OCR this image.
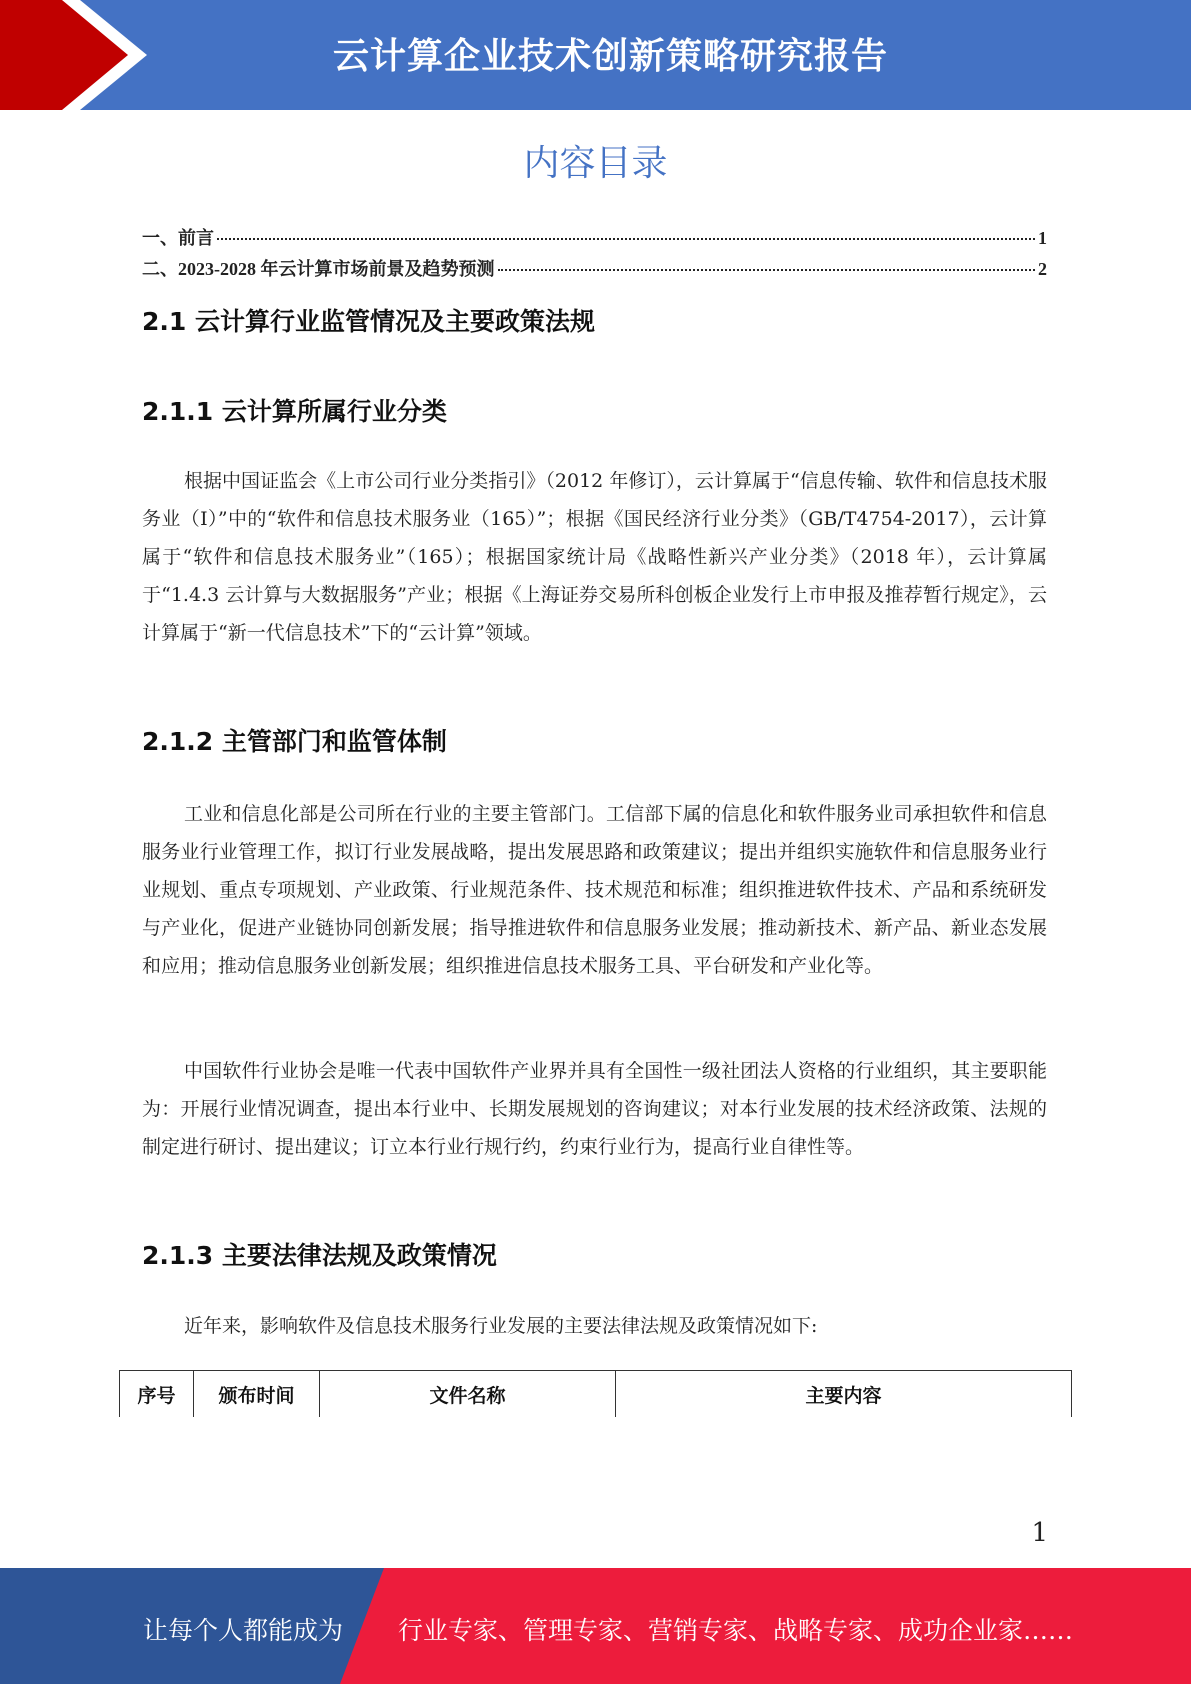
云计算企业技术创新策略研究报告
内容目录
一、前言	1
二、2023-2028 年云计算市场前景及趋势预测	2
2.1 云计算行业监管情况及主要政策法规
2.1.1 云计算所属行业分类

根据中国证监会《上市公司行业分类指引》（2012 年修订），云计算属于“信息传输、软件和信息技术服务业（I）”中的“软件和信息技术服务业（165）”；根据《国民经济行业分类》（GB/T4754-2017），云计算属于“软件和信息技术服务业”（165）；根据国家统计局《战略性新兴产业分类》（2018 年），云计算属于“1.4.3 云计算与大数据服务”产业；根据《上海证券交易所科创板企业发行上市申报及推荐暂行规定》，云计算属于“新一代信息技术”下的“云计算”领域。

2.1.2 主管部门和监管体制

工业和信息化部是公司所在行业的主要主管部门。工信部下属的信息化和软件服务业司承担软件和信息服务业行业管理工作，拟订行业发展战略，提出发展思路和政策建议；提出并组织实施软件和信息服务业行业规划、重点专项规划、产业政策、行业规范条件、技术规范和标准；组织推进软件技术、产品和系统研发与产业化，促进产业链协同创新发展；指导推进软件和信息服务业发展；推动新技术、新产品、新业态发展和应用；推动信息服务业创新发展；组织推进信息技术服务工具、平台研发和产业化等。

中国软件行业协会是唯一代表中国软件产业界并具有全国性一级社团法人资格的行业组织，其主要职能为：开展行业情况调查，提出本行业中、长期发展规划的咨询建议；对本行业发展的技术经济政策、法规的制定进行研讨、提出建议；订立本行业行规行约，约束行业行为，提高行业自律性等。

2.1.3 主要法律法规及政策情况

近年来，影响软件及信息技术服务行业发展的主要法律法规及政策情况如下:

序号	颁布时间	文件名称	主要内容
1
让每个人都能成为 行业专家、管理专家、营销专家、战略专家、成功企业家……
